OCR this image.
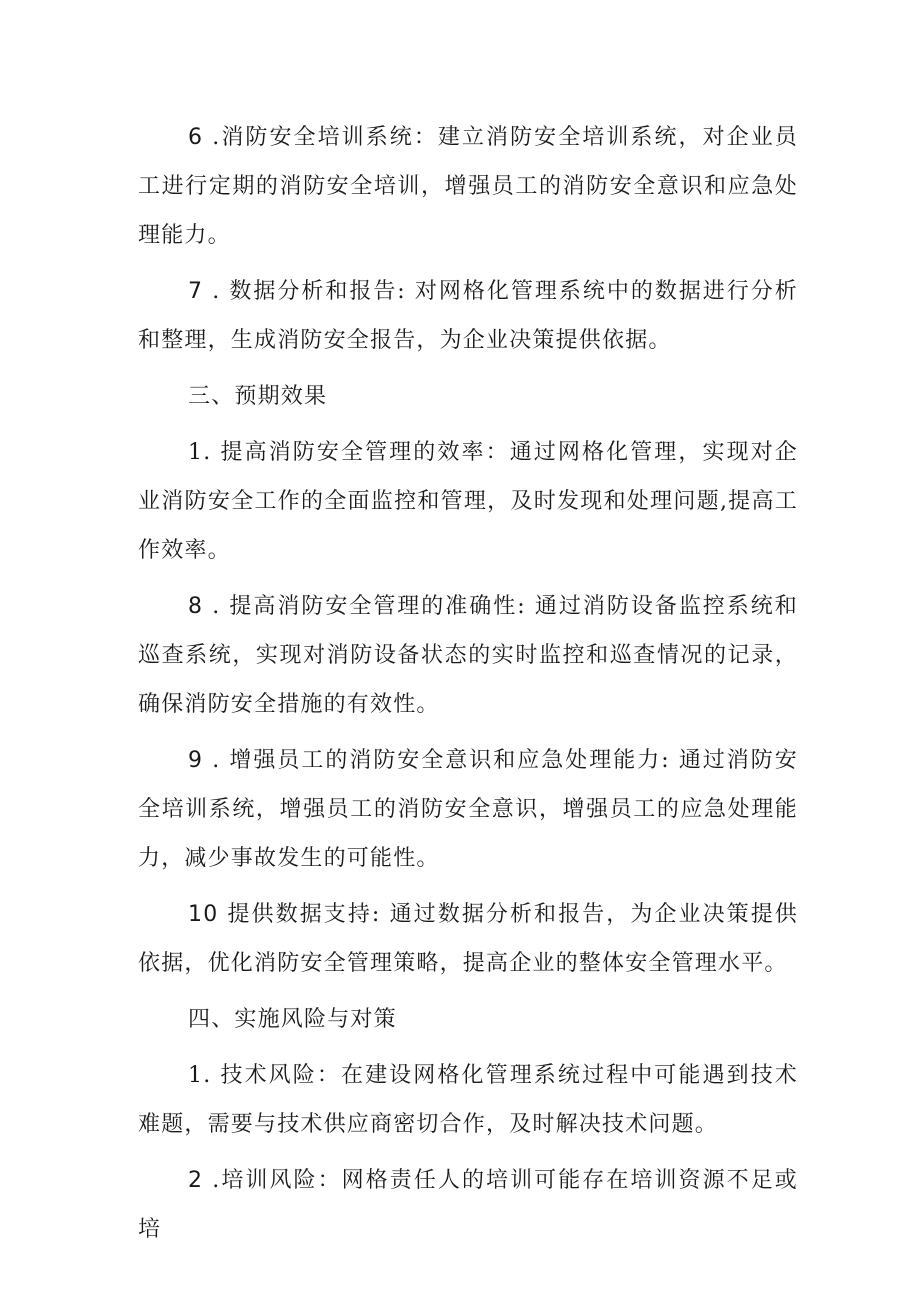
6 .消防安全培训系统：建立消防安全培训系统，对企业员工进行定期的消防安全培训，增强员工的消防安全意识和应急处理能力。

7 . 数据分析和报告: 对网格化管理系统中的数据进行分析和整理，生成消防安全报告，为企业决策提供依据。

三、预期效果

1. 提高消防安全管理的效率：通过网格化管理，实现对企业消防安全工作的全面监控和管理，及时发现和处理问题,提高工作效率。

8 . 提高消防安全管理的准确性: 通过消防设备监控系统和巡查系统，实现对消防设备状态的实时监控和巡查情况的记录，确保消防安全措施的有效性。

9 . 增强员工的消防安全意识和应急处理能力: 通过消防安全培训系统，增强员工的消防安全意识，增强员工的应急处理能力，减少事故发生的可能性。

10 提供数据支持: 通过数据分析和报告，为企业决策提供依据，优化消防安全管理策略，提高企业的整体安全管理水平。

四、实施风险与对策

1. 技术风险：在建设网格化管理系统过程中可能遇到技术难题，需要与技术供应商密切合作，及时解决技术问题。

2 .培训风险：网格责任人的培训可能存在培训资源不足或培
